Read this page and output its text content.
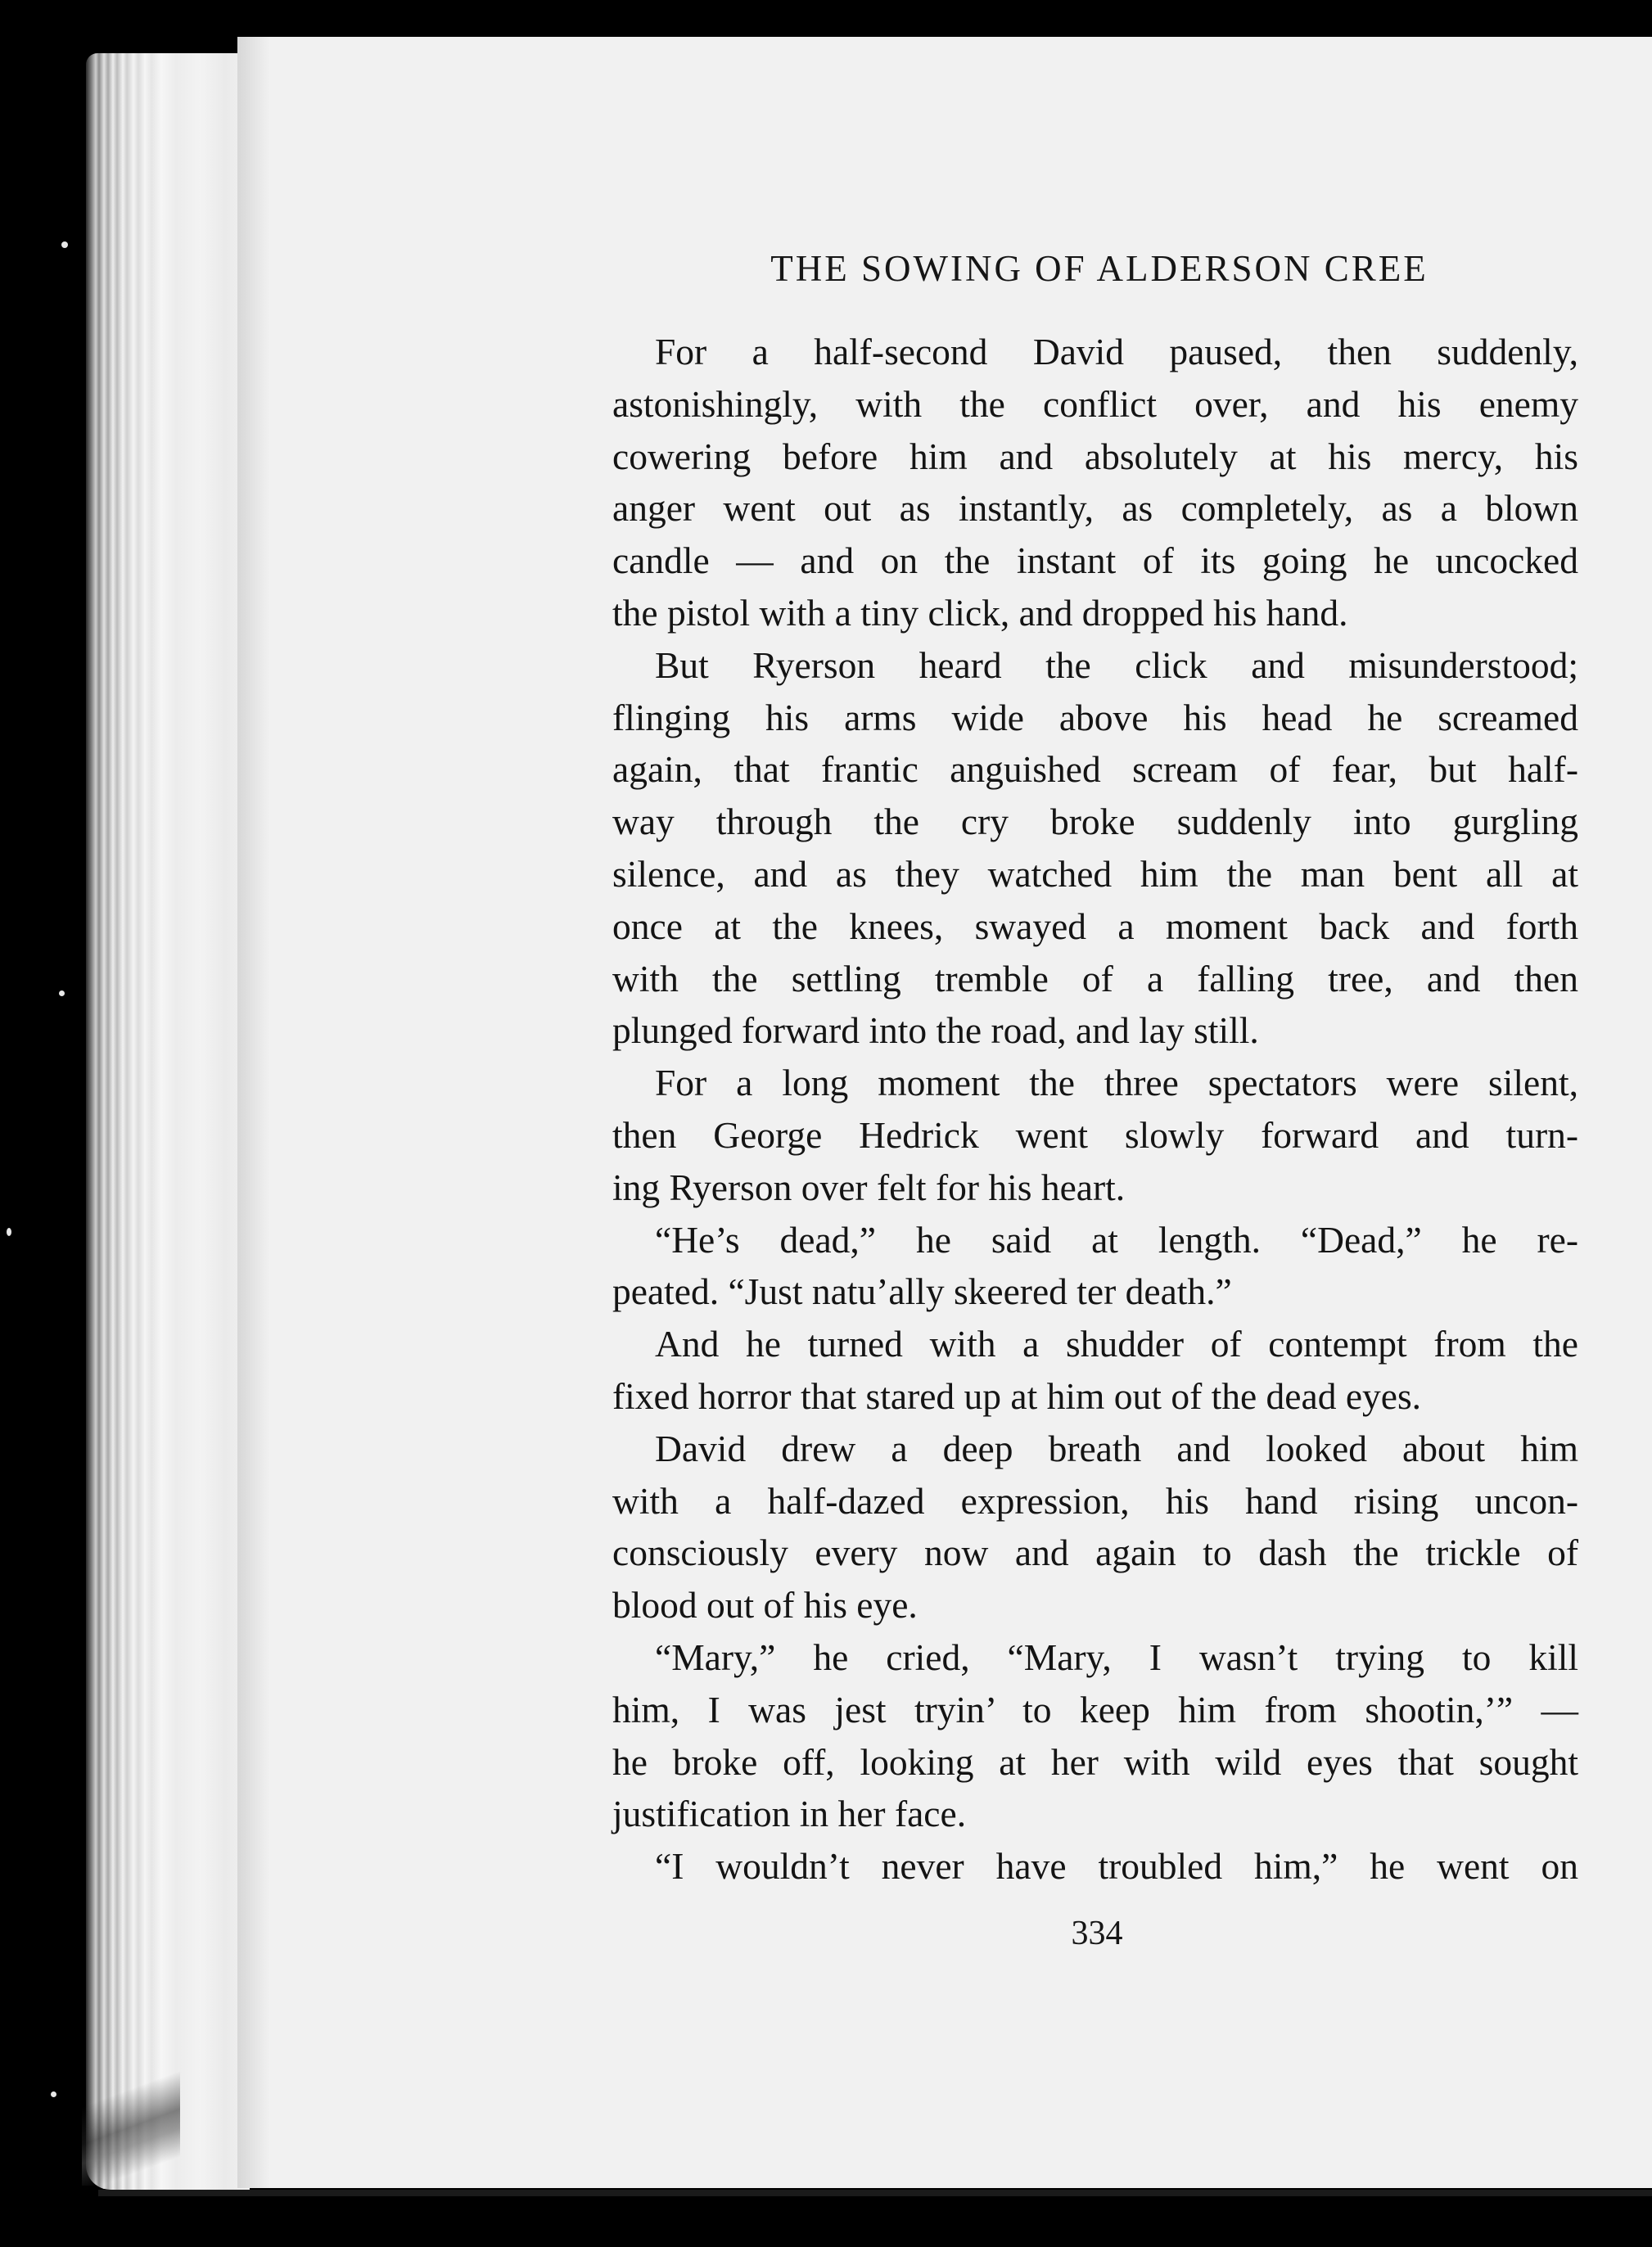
THE SOWING OF ALDERSON CREE
For a half-second David paused, then suddenly,
astonishingly, with the conflict over, and his enemy
cowering before him and absolutely at his mercy, his
anger went out as instantly, as completely, as a blown
candle — and on the instant of its going he uncocked
the pistol with a tiny click, and dropped his hand.
But Ryerson heard the click and misunderstood;
flinging his arms wide above his head he screamed
again, that frantic anguished scream of fear, but half-
way through the cry broke suddenly into gurgling
silence, and as they watched him the man bent all at
once at the knees, swayed a moment back and forth
with the settling tremble of a falling tree, and then
plunged forward into the road, and lay still.
For a long moment the three spectators were silent,
then George Hedrick went slowly forward and turn-
ing Ryerson over felt for his heart.
“He’s dead,” he said at length. “Dead,” he re-
peated. “Just natu’ally skeered ter death.”
And he turned with a shudder of contempt from the
fixed horror that stared up at him out of the dead eyes.
David drew a deep breath and looked about him
with a half-dazed expression, his hand rising uncon-
consciously every now and again to dash the trickle of
blood out of his eye.
“Mary,” he cried, “Mary, I wasn’t trying to kill
him, I was jest tryin’ to keep him from shootin,’” —
he broke off, looking at her with wild eyes that sought
justification in her face.
“I wouldn’t never have troubled him,” he went on
334
